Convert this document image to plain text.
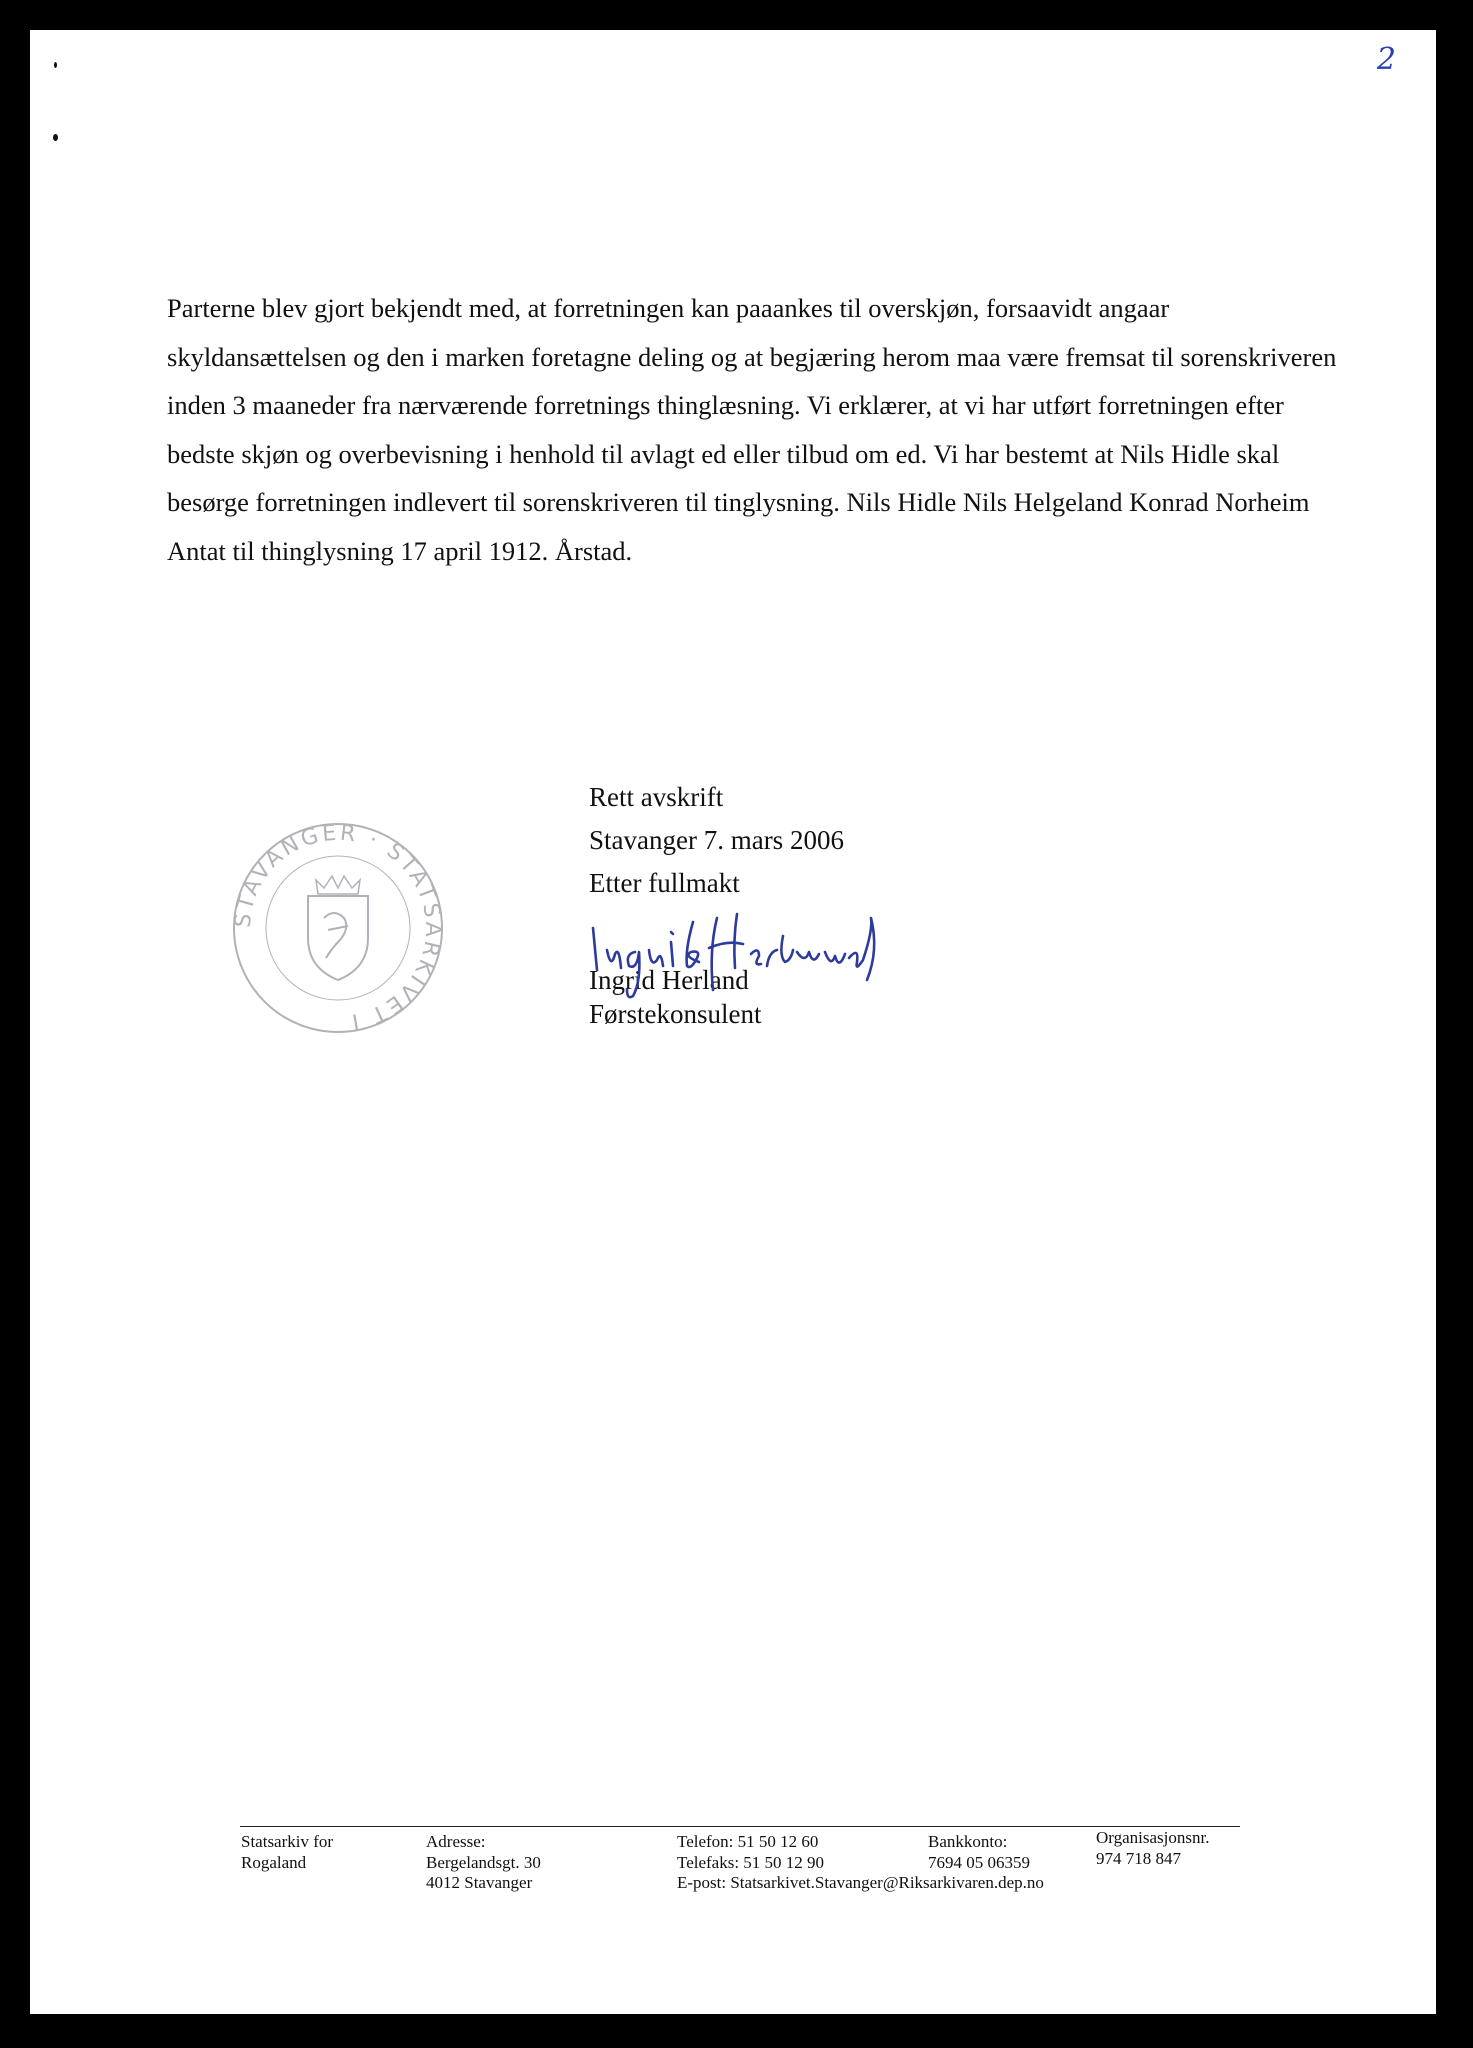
2

Parterne blev gjort bekjendt med, at forretningen kan paaankes til overskjøn, forsaavidt angaar skyldansættelsen og den i marken foretagne deling og at begjæring herom maa være fremsat til sorenskriveren inden 3 maaneder fra nærværende forretnings thinglæsning. Vi erklærer, at vi har utført forretningen efter bedste skjøn og overbevisning i henhold til avlagt ed eller tilbud om ed. Vi har bestemt at Nils Hidle skal besørge forretningen indlevert til sorenskriveren til tinglysning. Nils Hidle Nils Helgeland Konrad Norheim Antat til thinglysning 17 april 1912. Årstad.

STAVANGER · STATSARKIVET I
Rett avskrift
Stavanger 7. mars 2006
Etter fullmakt
Ingrid Herland
Førstekonsulent
Statsarkiv for
Rogaland
Adresse:
Bergelandsgt. 30
4012 Stavanger
Telefon: 51 50 12 60
Telefaks: 51 50 12 90
E-post: Statsarkivet.Stavanger@Riksarkivaren.dep.no
Bankkonto:
7694 05 06359
Organisasjonsnr.
974 718 847
